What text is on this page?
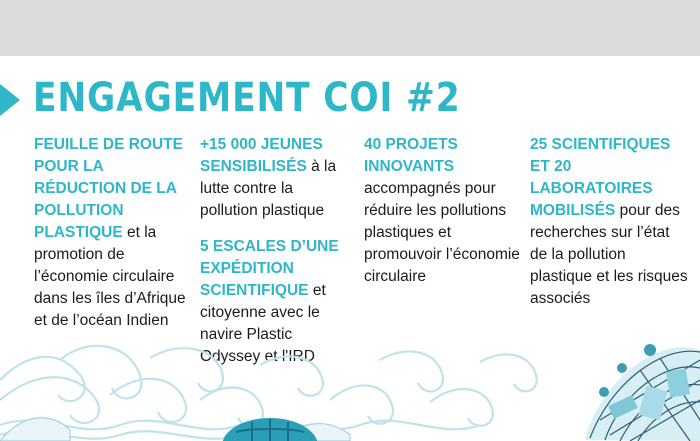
ENGAGEMENT COI #2

FEUILLE DE ROUTE POUR LA RÉDUCTION DE LA POLLUTION PLASTIQUE et la promotion de l’économie circulaire dans les îles d’Afrique et de l’océan Indien

+15 000 JEUNES SENSIBILISÉS à la lutte contre la pollution plastique

5 ESCALES D’UNE EXPÉDITION SCIENTIFIQUE et citoyenne avec le navire Plastic Odyssey et l'IRD

40 PROJETS INNOVANTS accompagnés pour réduire les pollutions plastiques et promouvoir l’économie circulaire

25 SCIENTIFIQUES ET 20 LABORATOIRES MOBILISÉS pour des recherches sur l’état de la pollution plastique et les risques associés
